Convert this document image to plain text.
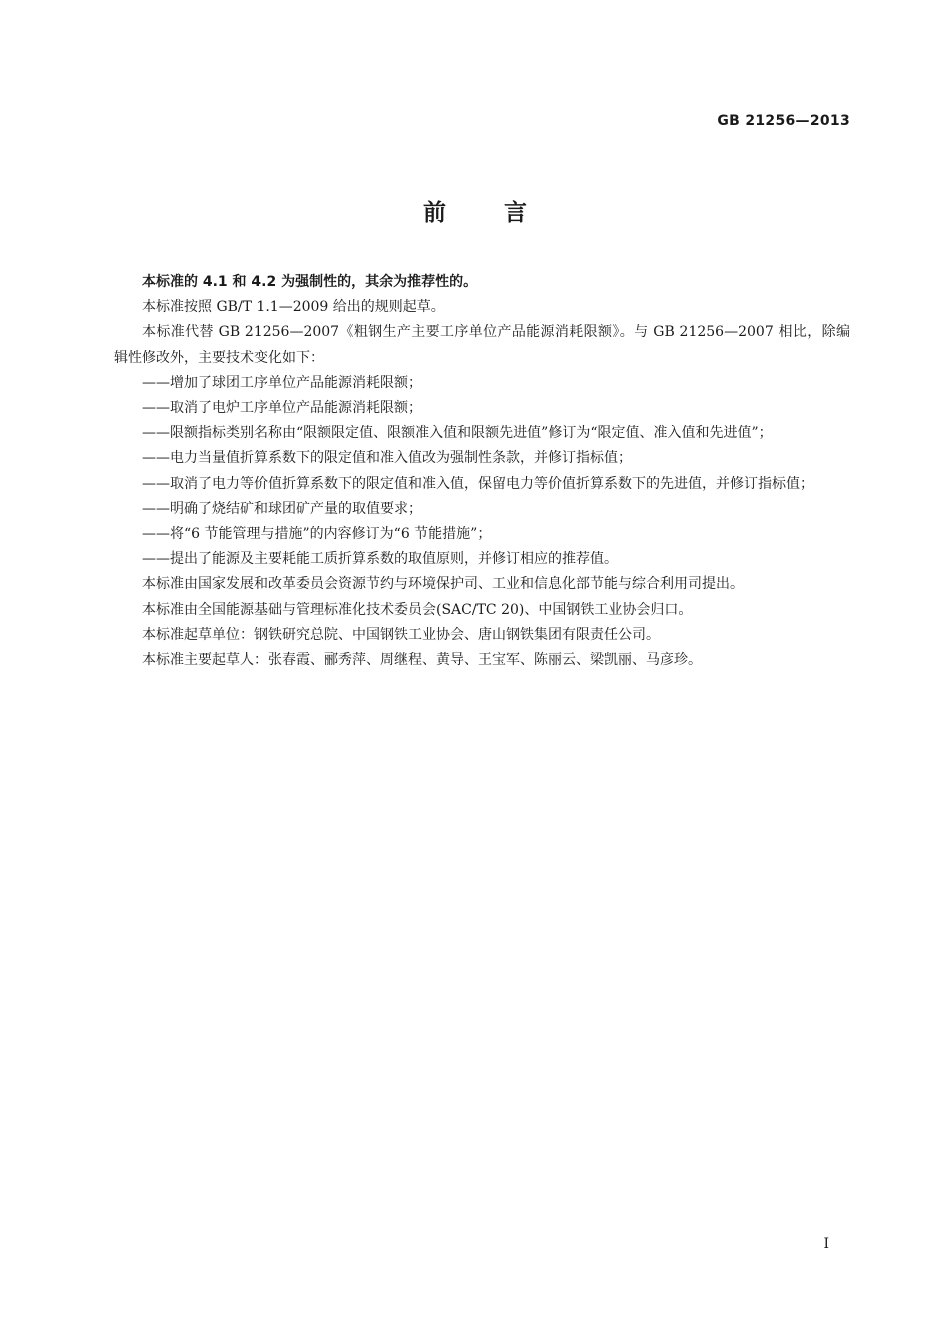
GB 21256—2013
前言

本标准的 4.1 和 4.2 为强制性的，其余为推荐性的。

本标准按照 GB/T 1.1—2009 给出的规则起草。

本标准代替 GB 21256—2007《粗钢生产主要工序单位产品能源消耗限额》。与 GB 21256—2007 相比，除编辑性修改外，主要技术变化如下：

——增加了球团工序单位产品能源消耗限额；

——取消了电炉工序单位产品能源消耗限额；

——限额指标类别名称由“限额限定值、限额准入值和限额先进值”修订为“限定值、准入值和先进值”；

——电力当量值折算系数下的限定值和准入值改为强制性条款，并修订指标值；

——取消了电力等价值折算系数下的限定值和准入值，保留电力等价值折算系数下的先进值，并修订指标值；

——明确了烧结矿和球团矿产量的取值要求；

——将“6 节能管理与措施”的内容修订为“6 节能措施”；

——提出了能源及主要耗能工质折算系数的取值原则，并修订相应的推荐值。

本标准由国家发展和改革委员会资源节约与环境保护司、工业和信息化部节能与综合利用司提出。

本标准由全国能源基础与管理标准化技术委员会(SAC/TC 20)、中国钢铁工业协会归口。

本标准起草单位：钢铁研究总院、中国钢铁工业协会、唐山钢铁集团有限责任公司。

本标准主要起草人：张春霞、郦秀萍、周继程、黄导、王宝军、陈丽云、梁凯丽、马彦珍。

I
